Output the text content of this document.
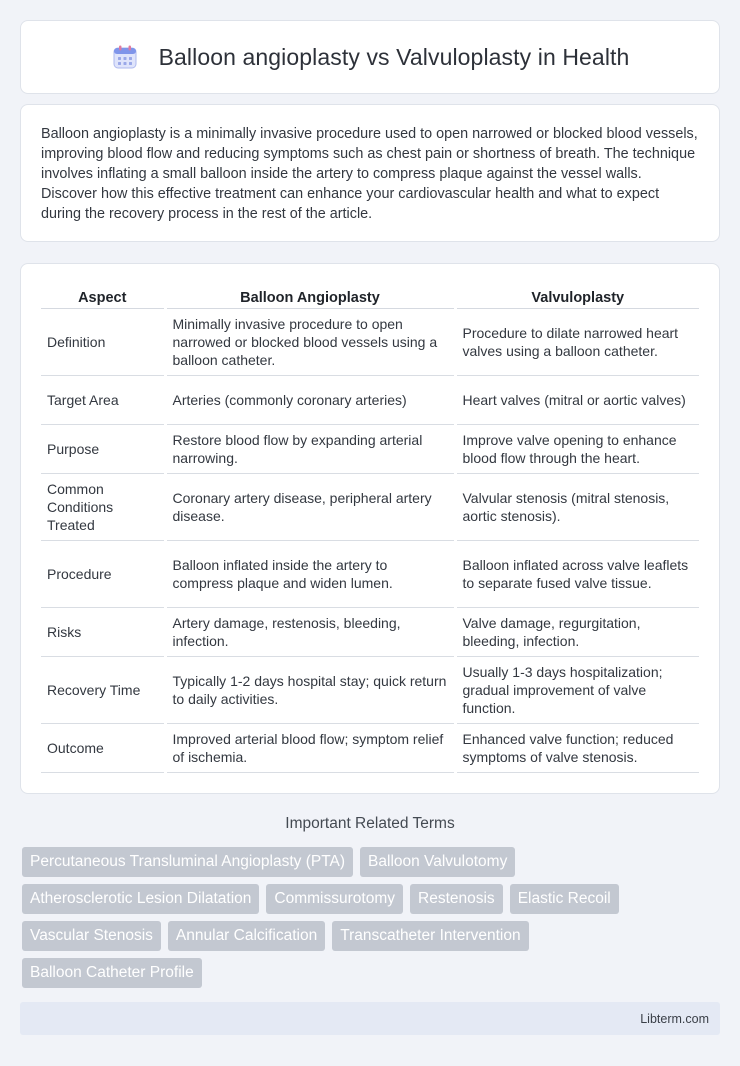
Balloon angioplasty vs Valvuloplasty in Health

Balloon angioplasty is a minimally invasive procedure used to open narrowed or blocked blood vessels, improving blood flow and reducing symptoms such as chest pain or shortness of breath. The technique involves inflating a small balloon inside the artery to compress plaque against the vessel walls. Discover how this effective treatment can enhance your cardiovascular health and what to expect during the recovery process in the rest of the article.

Aspect	Balloon Angioplasty	Valvuloplasty
Definition	Minimally invasive procedure to open narrowed or blocked blood vessels using a balloon catheter.	Procedure to dilate narrowed heart valves using a balloon catheter.
Target Area	Arteries (commonly coronary arteries)	Heart valves (mitral or aortic valves)
Purpose	Restore blood flow by expanding arterial narrowing.	Improve valve opening to enhance blood flow through the heart.
Common Conditions Treated	Coronary artery disease, peripheral artery disease.	Valvular stenosis (mitral stenosis, aortic stenosis).
Procedure	Balloon inflated inside the artery to compress plaque and widen lumen.	Balloon inflated across valve leaflets to separate fused valve tissue.
Risks	Artery damage, restenosis, bleeding, infection.	Valve damage, regurgitation, bleeding, infection.
Recovery Time	Typically 1-2 days hospital stay; quick return to daily activities.	Usually 1-3 days hospitalization; gradual improvement of valve function.
Outcome	Improved arterial blood flow; symptom relief of ischemia.	Enhanced valve function; reduced symptoms of valve stenosis.
Important Related Terms
Percutaneous Transluminal Angioplasty (PTA)	Balloon Valvulotomy
Atherosclerotic Lesion Dilatation	Commissurotomy	Restenosis	Elastic Recoil
Vascular Stenosis	Annular Calcification	Transcatheter Intervention
Balloon Catheter Profile
Libterm.com
